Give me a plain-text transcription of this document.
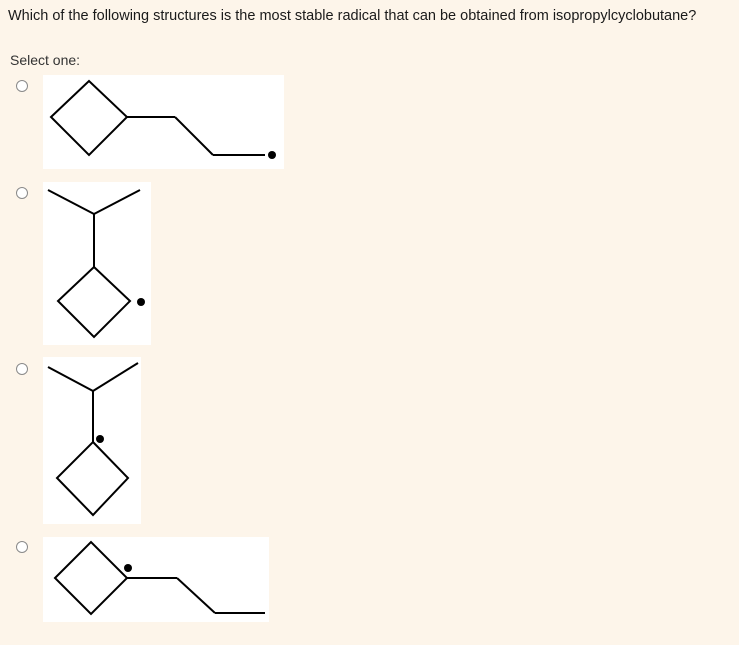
Which of the following structures is the most stable radical that can be obtained from isopropylcyclobutane?
Select one:
